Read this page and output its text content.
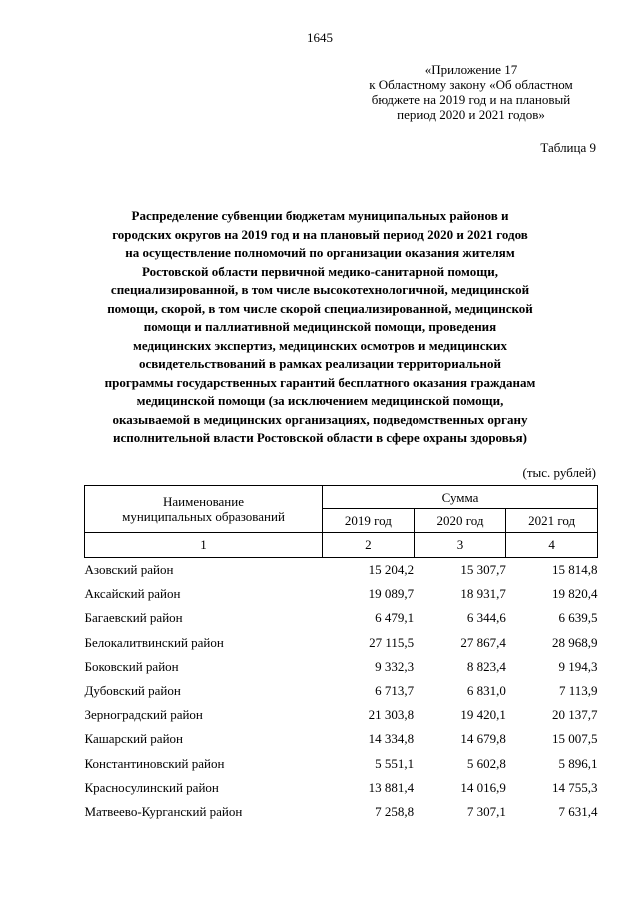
1645
«Приложение 17
к Областному закону «Об областном
бюджете на 2019 год и на плановый
период 2020 и 2021 годов»
Таблица 9
Распределение субвенции бюджетам муниципальных районов и
городских округов на 2019 год и на плановый период 2020 и 2021 годов
на осуществление полномочий по организации оказания жителям
Ростовской области первичной медико-санитарной помощи,
специализированной, в том числе высокотехнологичной, медицинской
помощи, скорой, в том числе скорой специализированной, медицинской
помощи и паллиативной медицинской помощи, проведения
медицинских экспертиз, медицинских осмотров и медицинских
освидетельствований в рамках реализации территориальной
программы государственных гарантий бесплатного оказания гражданам
медицинской помощи (за исключением медицинской помощи,
оказываемой в медицинских организациях, подведомственных органу
исполнительной власти Ростовской области в сфере охраны здоровья)
(тыс. рублей)
Наименование
муниципальных образований	Сумма		
	2019 год	2020 год	2021 год
1	2	3	4
Азовский район	15 204,2	15 307,7	15 814,8
Аксайский район	19 089,7	18 931,7	19 820,4
Багаевский район	6 479,1	6 344,6	6 639,5
Белокалитвинский район	27 115,5	27 867,4	28 968,9
Боковский район	9 332,3	8 823,4	9 194,3
Дубовский район	6 713,7	6 831,0	7 113,9
Зерноградский район	21 303,8	19 420,1	20 137,7
Кашарский район	14 334,8	14 679,8	15 007,5
Константиновский район	5 551,1	5 602,8	5 896,1
Красносулинский район	13 881,4	14 016,9	14 755,3
Матвеево-Курганский район	7 258,8	7 307,1	7 631,4
